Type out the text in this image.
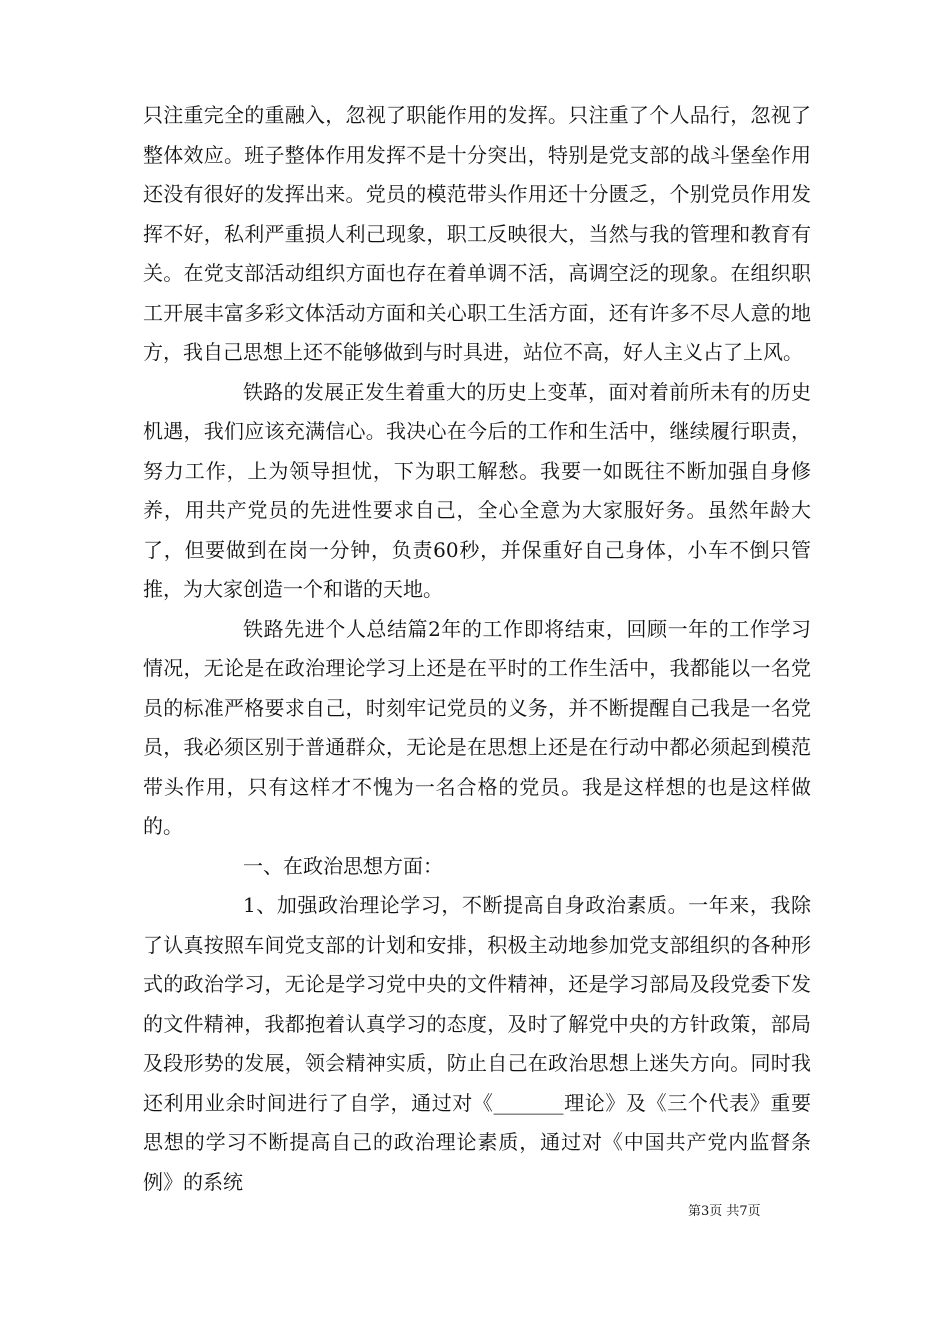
只注重完全的重融入，忽视了职能作用的发挥。只注重了个人品行，忽视了整体效应。班子整体作用发挥不是十分突出，特别是党支部的战斗堡垒作用还没有很好的发挥出来。党员的模范带头作用还十分匮乏，个别党员作用发挥不好，私利严重损人利己现象，职工反映很大，当然与我的管理和教育有关。在党支部活动组织方面也存在着单调不活，高调空泛的现象。在组织职工开展丰富多彩文体活动方面和关心职工生活方面，还有许多不尽人意的地方，我自己思想上还不能够做到与时具进，站位不高，好人主义占了上风。

铁路的发展正发生着重大的历史上变革，面对着前所未有的历史机遇，我们应该充满信心。我决心在今后的工作和生活中，继续履行职责，努力工作，上为领导担忧，下为职工解愁。我要一如既往不断加强自身修养，用共产党员的先进性要求自己，全心全意为大家服好务。虽然年龄大了，但要做到在岗一分钟，负责60秒，并保重好自己身体，小车不倒只管推，为大家创造一个和谐的天地。

铁路先进个人总结篇2年的工作即将结束，回顾一年的工作学习情况，无论是在政治理论学习上还是在平时的工作生活中，我都能以一名党员的标准严格要求自己，时刻牢记党员的义务，并不断提醒自己我是一名党员，我必须区别于普通群众，无论是在思想上还是在行动中都必须起到模范带头作用，只有这样才不愧为一名合格的党员。我是这样想的也是这样做的。

一、在政治思想方面：

1、加强政治理论学习，不断提高自身政治素质。一年来，我除了认真按照车间党支部的计划和安排，积极主动地参加党支部组织的各种形式的政治学习，无论是学习党中央的文件精神，还是学习部局及段党委下发的文件精神，我都抱着认真学习的态度，及时了解党中央的方针政策，部局及段形势的发展，领会精神实质，防止自己在政治思想上迷失方向。同时我还利用业余时间进行了自学，通过对《_______理论》及《三个代表》重要思想的学习不断提高自己的政治理论素质，通过对《中国共产党内监督条例》的系统

第3页 共7页
